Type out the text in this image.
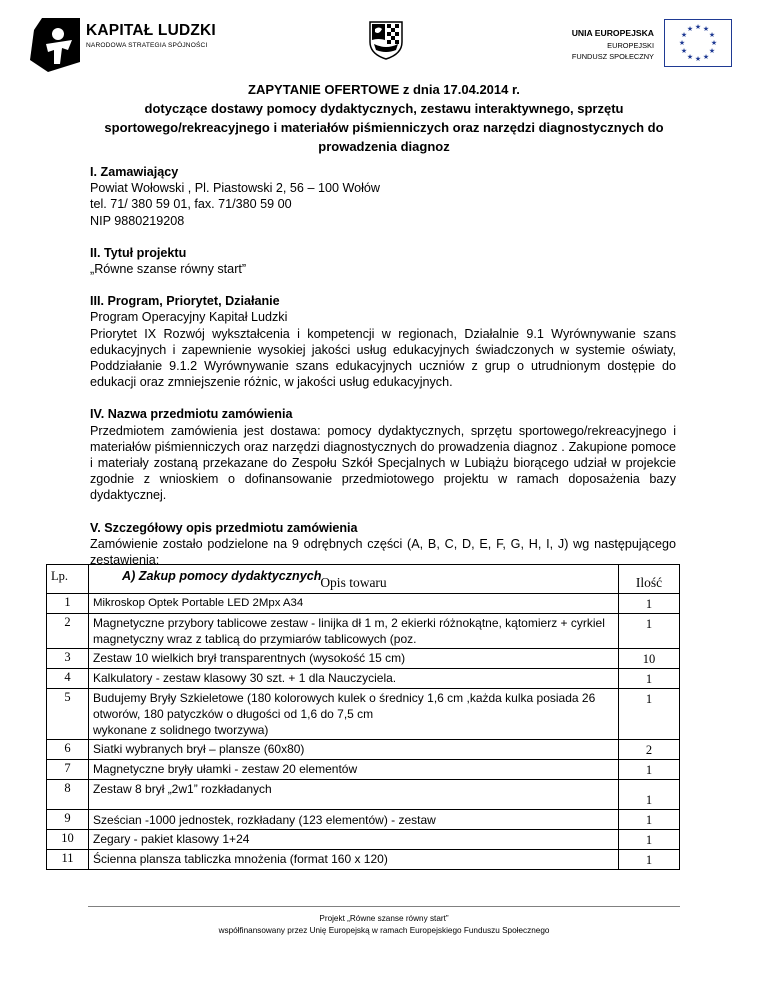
KAPITAŁ LUDZKI
NARODOWA STRATEGIA SPÓJNOŚCI
UNIA EUROPEJSKA
EUROPEJSKI
FUNDUSZ SPOŁECZNY
★ ★
★
★
★
★
★
★
★
★
★
★
ZAPYTANIE OFERTOWE z dnia 17.04.2014 r.
dotyczące dostawy pomocy dydaktycznych, zestawu interaktywnego, sprzętu sportowego/rekreacyjnego i materiałów piśmienniczych oraz narzędzi diagnostycznych do prowadzenia diagnoz
I. Zamawiający
Powiat Wołowski , Pl. Piastowski 2, 56 – 100 Wołów
tel. 71/ 380 59 01, fax. 71/380 59 00
NIP 9880219208
II. Tytuł projektu
„Równe szanse równy start”
III. Program, Priorytet, Działanie
Program Operacyjny Kapitał Ludzki
Priorytet IX Rozwój wykształcenia i kompetencji w regionach, Działalnie 9.1 Wyrównywanie szans edukacyjnych i zapewnienie wysokiej jakości usług edukacyjnych świadczonych w systemie oświaty, Poddziałanie 9.1.2 Wyrównywanie szans edukacyjnych uczniów z grup o utrudnionym dostępie do edukacji oraz zmniejszenie różnic, w jakości usług edukacyjnych.
IV. Nazwa przedmiotu zamówienia
Przedmiotem zamówienia jest dostawa: pomocy dydaktycznych, sprzętu sportowego/rekreacyjnego i materiałów piśmienniczych oraz narzędzi diagnostycznych do prowadzenia diagnoz . Zakupione pomoce i materiały zostaną przekazane do Zespołu Szkół Specjalnych w Lubiążu biorącego udział w projekcie zgodnie z wnioskiem o dofinansowanie przedmiotowego projektu w ramach doposażenia bazy dydaktycznej.
V. Szczegółowy opis przedmiotu zamówienia
Zamówienie zostało podzielone na 9 odrębnych części (A, B, C, D, E, F, G, H, I, J) wg następującego zestawienia:
A) Zakup pomocy dydaktycznych
Lp.	Opis towaru	Ilość
1	Mikroskop Optek Portable LED 2Mpx A34	1
2	Magnetyczne przybory tablicowe zestaw - linijka dł 1 m, 2 ekierki różnokątne, kątomierz + cyrkiel magnetyczny wraz z tablicą do przymiarów tablicowych (poz.	1
3	Zestaw 10 wielkich brył transparentnych (wysokość 15 cm)	10
4	Kalkulatory - zestaw klasowy 30 szt. + 1 dla Nauczyciela.	1
5	Budujemy Bryły Szkieletowe (180 kolorowych kulek o średnicy 1,6 cm ,każda kulka posiada 26 otworów, 180 patyczków o długości od 1,6 do 7,5 cm
wykonane z solidnego tworzywa)	1
6	Siatki wybranych brył – plansze (60x80)	2
7	Magnetyczne bryły ułamki - zestaw 20 elementów	1
8	Zestaw 8 brył „2w1” rozkładanych	1
9	Sześcian -1000 jednostek, rozkładany (123 elementów) - zestaw	1
10	Zegary - pakiet klasowy 1+24	1
11	Ścienna plansza tabliczka mnożenia (format 160 x 120)	1
Projekt „Równe szanse równy start”
współfinansowany przez Unię Europejską w ramach Europejskiego Funduszu Społecznego
